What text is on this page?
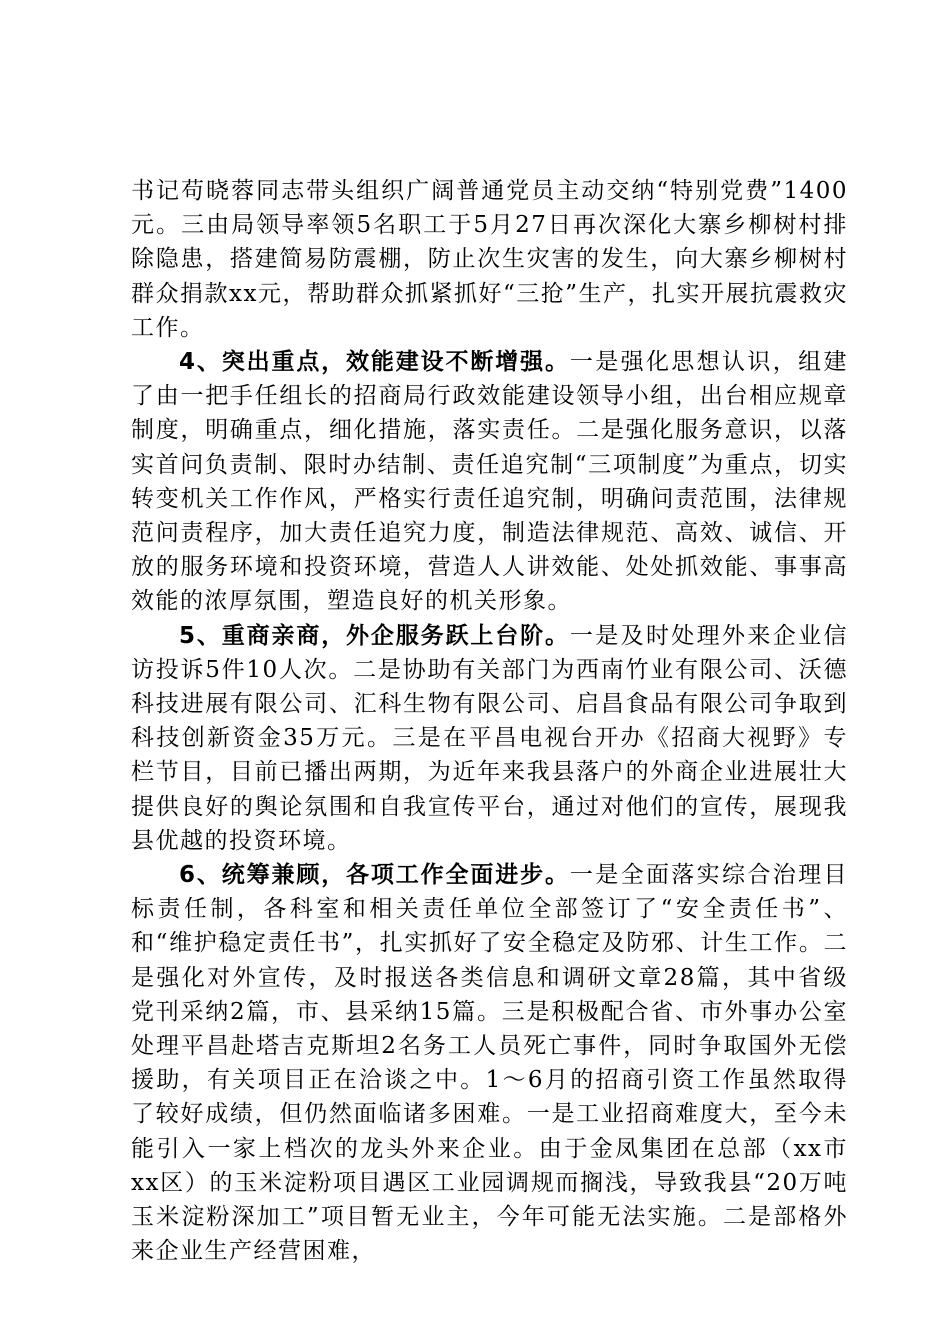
书记苟晓蓉同志带头组织广阔普通党员主动交纳“特别党费”1400元。三由局领导率领5名职工于5月27日再次深化大寨乡柳树村排除隐患，搭建简易防震棚，防止次生灾害的发生，向大寨乡柳树村群众捐款xx元，帮助群众抓紧抓好“三抢”生产，扎实开展抗震救灾工作。

4、突出重点，效能建设不断增强。一是强化思想认识，组建了由一把手任组长的招商局行政效能建设领导小组，出台相应规章制度，明确重点，细化措施，落实责任。二是强化服务意识，以落实首问负责制、限时办结制、责任追究制“三项制度”为重点，切实转变机关工作作风，严格实行责任追究制，明确问责范围，法律规范问责程序，加大责任追究力度，制造法律规范、高效、诚信、开放的服务环境和投资环境，营造人人讲效能、处处抓效能、事事高效能的浓厚氛围，塑造良好的机关形象。

5、重商亲商，外企服务跃上台阶。一是及时处理外来企业信访投诉5件10人次。二是协助有关部门为西南竹业有限公司、沃德科技进展有限公司、汇科生物有限公司、启昌食品有限公司争取到科技创新资金35万元。三是在平昌电视台开办《招商大视野》专栏节目，目前已播出两期，为近年来我县落户的外商企业进展壮大提供良好的舆论氛围和自我宣传平台，通过对他们的宣传，展现我县优越的投资环境。

6、统筹兼顾，各项工作全面进步。一是全面落实综合治理目标责任制，各科室和相关责任单位全部签订了“安全责任书”、和“维护稳定责任书”，扎实抓好了安全稳定及防邪、计生工作。二是强化对外宣传，及时报送各类信息和调研文章28篇，其中省级党刊采纳2篇，市、县采纳15篇。三是积极配合省、市外事办公室处理平昌赴塔吉克斯坦2名务工人员死亡事件，同时争取国外无偿援助，有关项目正在洽谈之中。1～6月的招商引资工作虽然取得了较好成绩，但仍然面临诸多困难。一是工业招商难度大，至今未能引入一家上档次的龙头外来企业。由于金凤集团在总部（xx市xx区）的玉米淀粉项目遇区工业园调规而搁浅，导致我县“20万吨玉米淀粉深加工”项目暂无业主，今年可能无法实施。二是部格外来企业生产经营困难，
